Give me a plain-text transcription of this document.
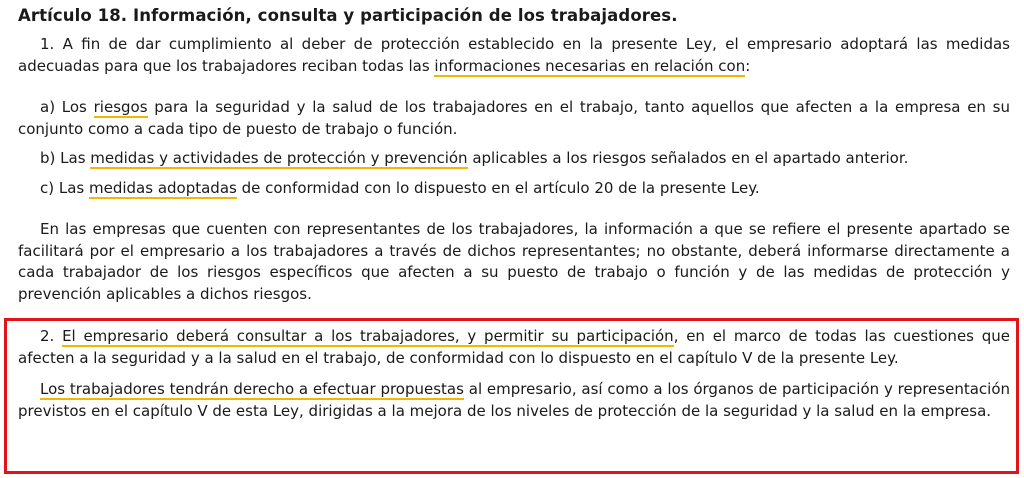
Artículo 18. Información, consulta y participación de los trabajadores.

1. A fin de dar cumplimiento al deber de protección establecido en la presente Ley, el empresario adoptará las medidas adecuadas para que los trabajadores reciban todas las informaciones necesarias en relación con:

a) Los riesgos para la seguridad y la salud de los trabajadores en el trabajo, tanto aquellos que afecten a la empresa en su conjunto como a cada tipo de puesto de trabajo o función.

b) Las medidas y actividades de protección y prevención aplicables a los riesgos señalados en el apartado anterior.

c) Las medidas adoptadas de conformidad con lo dispuesto en el artículo 20 de la presente Ley.

En las empresas que cuenten con representantes de los trabajadores, la información a que se refiere el presente apartado se facilitará por el empresario a los trabajadores a través de dichos representantes; no obstante, deberá informarse directamente a cada trabajador de los riesgos específicos que afecten a su puesto de trabajo o función y de las medidas de protección y prevención aplicables a dichos riesgos.

2. El empresario deberá consultar a los trabajadores, y permitir su participación, en el marco de todas las cuestiones que afecten a la seguridad y a la salud en el trabajo, de conformidad con lo dispuesto en el capítulo V de la presente Ley.

Los trabajadores tendrán derecho a efectuar propuestas al empresario, así como a los órganos de participación y representación previstos en el capítulo V de esta Ley, dirigidas a la mejora de los niveles de protección de la seguridad y la salud en la empresa.
